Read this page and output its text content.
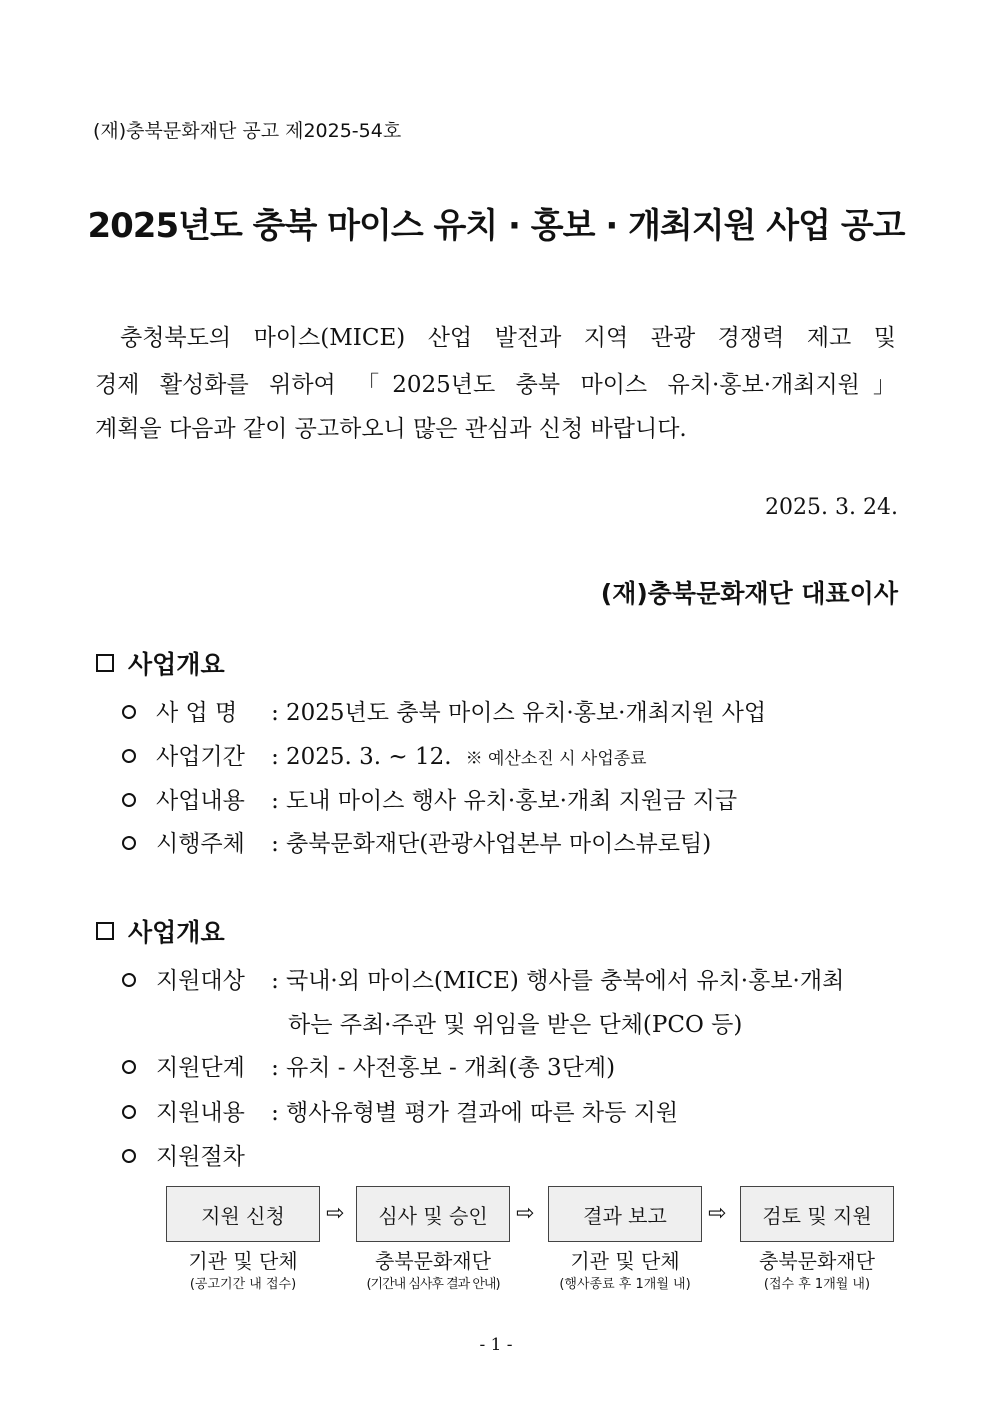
(재)충북문화재단 공고 제2025-54호
2025년도 충북 마이스 유치 · 홍보 · 개최지원 사업 공고
충청북도의 마이스(MICE) 산업 발전과 지역 관광 경쟁력 제고 및
경제 활성화를 위하여 「2025년도 충북 마이스 유치·홍보·개최지원」
계획을 다음과 같이 공고하오니 많은 관심과 신청 바랍니다.
2025. 3. 24.
(재)충북문화재단 대표이사
사업개요
사 업 명	: 2025년도 충북 마이스 유치·홍보·개최지원 사업
사업기간	: 2025. 3. ~ 12. ※ 예산소진 시 사업종료
사업내용	: 도내 마이스 행사 유치·홍보·개최 지원금 지급
시행주체	: 충북문화재단(관광사업본부 마이스뷰로팀)
사업개요
지원대상	: 국내·외 마이스(MICE) 행사를 충북에서 유치·홍보·개최
하는 주최·주관 및 위임을 받은 단체(PCO 등)
지원단계	: 유치 - 사전홍보 - 개최(총 3단계)
지원내용	: 행사유형별 평가 결과에 따른 차등 지원
지원절차
지원 신청	⇨	심사 및 승인	⇨	결과 보고	⇨	검토 및 지원
기관 및 단체	충북문화재단	기관 및 단체	충북문화재단
(공고기간 내 접수)	(기간내 심사후 결과 안내)	(행사종료 후 1개월 내)	(접수 후 1개월 내)
- 1 -
